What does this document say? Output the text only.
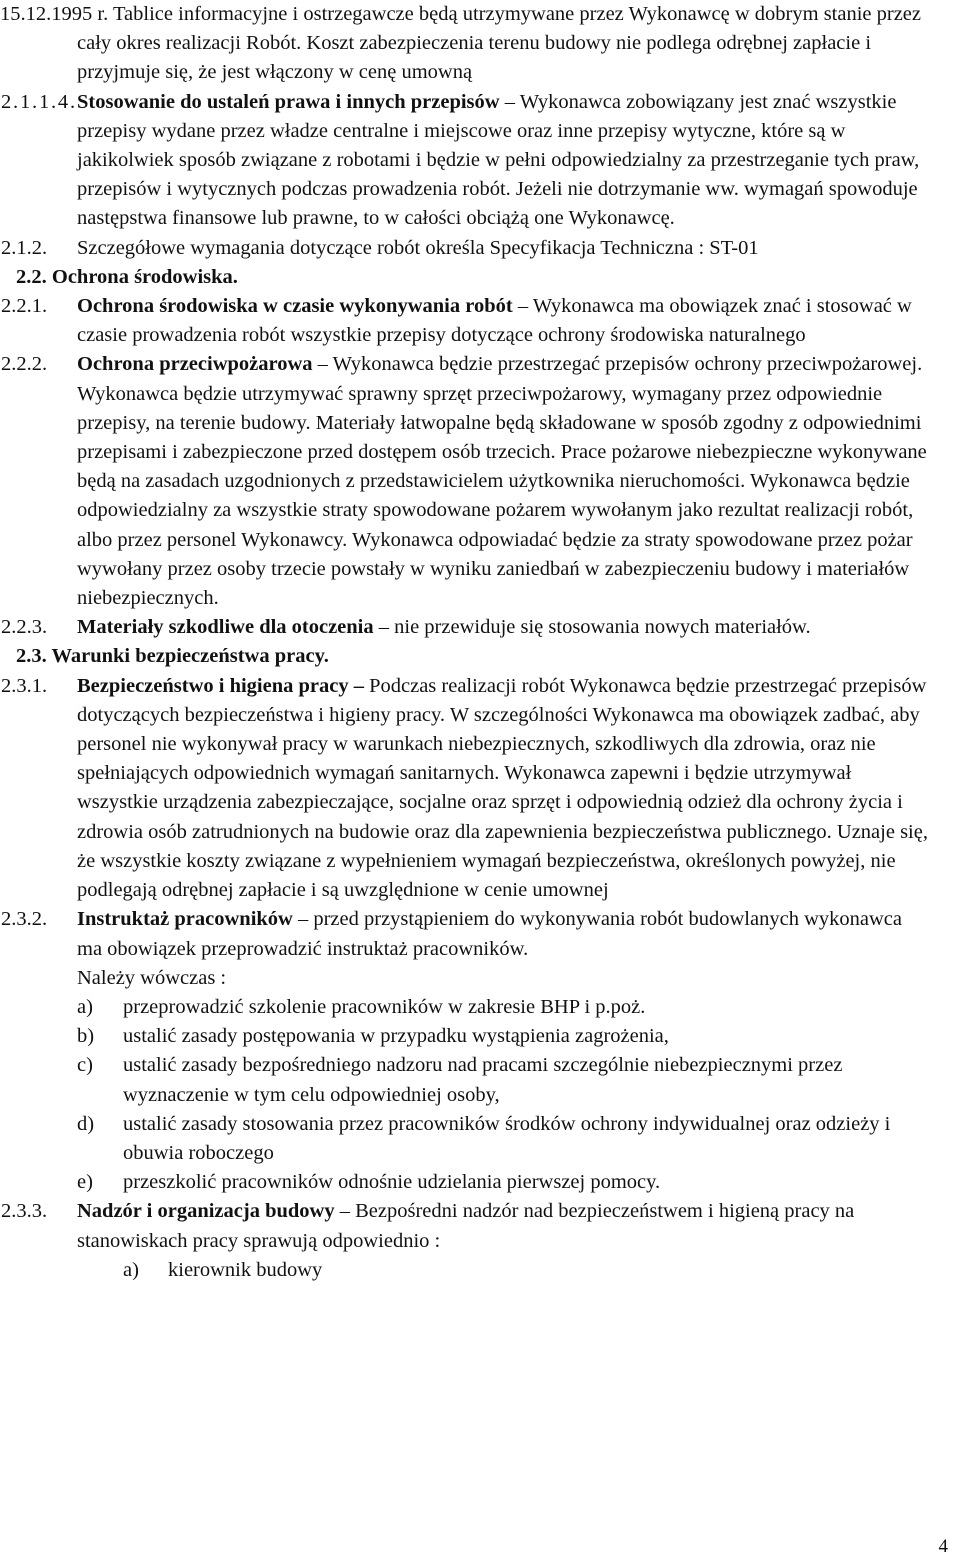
15.12.1995 r. Tablice informacyjne i ostrzegawcze będą utrzymywane przez Wykonawcę w dobrym stanie przez cały okres realizacji Robót. Koszt zabezpieczenia terenu budowy nie podlega odrębnej zapłacie i przyjmuje się, że jest włączony w cenę umowną

2.1.1.4. Stosowanie do ustaleń prawa i innych przepisów – Wykonawca zobowiązany jest znać wszystkie przepisy wydane przez władze centralne i miejscowe oraz inne przepisy wytyczne, które są w jakikolwiek sposób związane z robotami i będzie w pełni odpowiedzialny za przestrzeganie tych praw, przepisów i wytycznych podczas prowadzenia robót. Jeżeli nie dotrzymanie ww. wymagań spowoduje następstwa finansowe lub prawne, to w całości obciążą one Wykonawcę.

2.1.2. Szczegółowe wymagania dotyczące robót określa Specyfikacja Techniczna : ST-01

2.2. Ochrona środowiska.

2.2.1. Ochrona środowiska w czasie wykonywania robót – Wykonawca ma obowiązek znać i stosować w czasie prowadzenia robót wszystkie przepisy dotyczące ochrony środowiska naturalnego

2.2.2. Ochrona przeciwpożarowa – Wykonawca będzie przestrzegać przepisów ochrony przeciwpożarowej. Wykonawca będzie utrzymywać sprawny sprzęt przeciwpożarowy, wymagany przez odpowiednie przepisy, na terenie budowy. Materiały łatwopalne będą składowane w sposób zgodny z odpowiednimi przepisami i zabezpieczone przed dostępem osób trzecich. Prace pożarowe niebezpieczne wykonywane będą na zasadach uzgodnionych z przedstawicielem użytkownika nieruchomości. Wykonawca będzie odpowiedzialny za wszystkie straty spowodowane pożarem wywołanym jako rezultat realizacji robót, albo przez personel Wykonawcy. Wykonawca odpowiadać będzie za straty spowodowane przez pożar wywołany przez osoby trzecie powstały w wyniku zaniedbań w zabezpieczeniu budowy i materiałów niebezpiecznych.

2.2.3. Materiały szkodliwe dla otoczenia – nie przewiduje się stosowania nowych materiałów.

2.3. Warunki bezpieczeństwa pracy.

2.3.1. Bezpieczeństwo i higiena pracy – Podczas realizacji robót Wykonawca będzie przestrzegać przepisów dotyczących bezpieczeństwa i higieny pracy. W szczególności Wykonawca ma obowiązek zadbać, aby personel nie wykonywał pracy w warunkach niebezpiecznych, szkodliwych dla zdrowia, oraz nie spełniających odpowiednich wymagań sanitarnych. Wykonawca zapewni i będzie utrzymywał wszystkie urządzenia zabezpieczające, socjalne oraz sprzęt i odpowiednią odzież dla ochrony życia i zdrowia osób zatrudnionych na budowie oraz dla zapewnienia bezpieczeństwa publicznego. Uznaje się, że wszystkie koszty związane z wypełnieniem wymagań bezpieczeństwa, określonych powyżej, nie podlegają odrębnej zapłacie i są uwzględnione w cenie umownej

2.3.2. Instruktaż pracowników – przed przystąpieniem do wykonywania robót budowlanych wykonawca ma obowiązek przeprowadzić instruktaż pracowników.

Należy wówczas :

a) przeprowadzić szkolenie pracowników w zakresie BHP i p.poż.
b) ustalić zasady postępowania w przypadku wystąpienia zagrożenia,
c) ustalić zasady bezpośredniego nadzoru nad pracami szczególnie niebezpiecznymi przez wyznaczenie w tym celu odpowiedniej osoby,
d) ustalić zasady stosowania przez pracowników środków ochrony indywidualnej oraz odzieży i obuwia roboczego
e) przeszkolić pracowników odnośnie udzielania pierwszej pomocy.

2.3.3. Nadzór i organizacja budowy – Bezpośredni nadzór nad bezpieczeństwem i higieną pracy na stanowiskach pracy sprawują odpowiednio :

a) kierownik budowy
4
